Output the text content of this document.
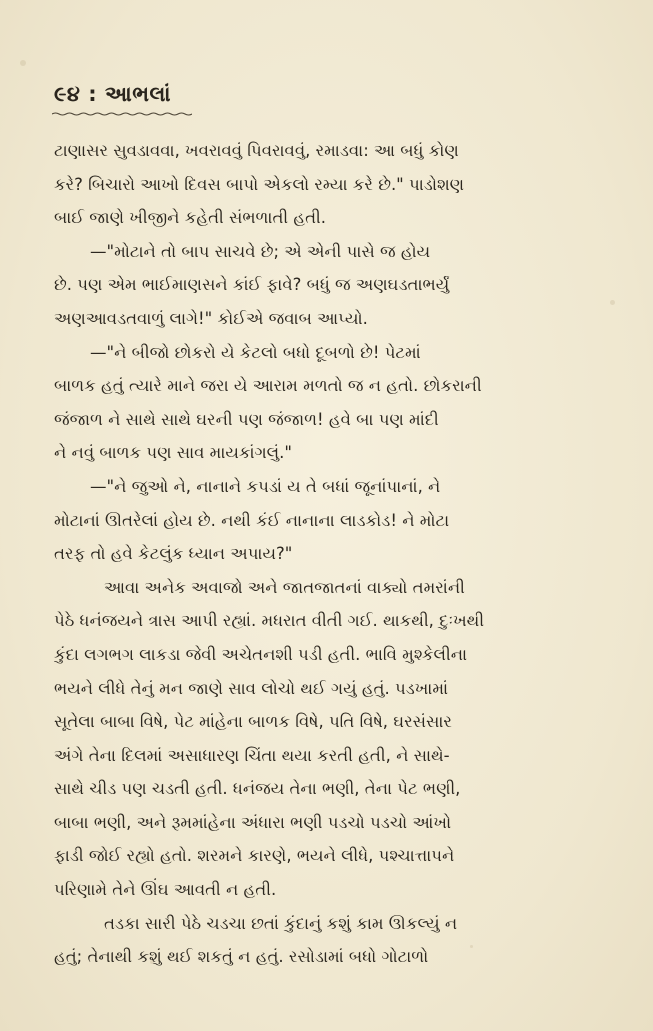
૯૪ : આભલાં
ટાણાસર સુવડાવવા, ખવરાવવું પિવરાવવું, રમાડવા: આ બધું કોણ
કરે? બિચારો આખો દિવસ બાપો એકલો રમ્યા કરે છે." પાડોશણ
બાઈ જાણે ખીજીને કહેતી સંભળાતી હતી.
—"મોટાને તો બાપ સાચવે છે; એ એની પાસે જ હોય
છે. પણ એમ ભાઈમાણસને કાંઈ ફાવે? બધું જ અણઘડતાભર્યું
અણઆવડતવાળું લાગે!" કોઈએ જવાબ આપ્યો.
—"ને બીજો છોકરો યે કેટલો બધો દૂબળો છે! પેટમાં
બાળક હતું ત્યારે માને જરા યે આરામ મળતો જ ન હતો. છોકરાની
જંજાળ ને સાથે સાથે ઘરની પણ જંજાળ! હવે બા પણ માંદી
ને નવું બાળક પણ સાવ માયકાંગલું."
—"ને જુઓ ને, નાનાને કપડાં ય તે બધાં જૂનાંપાનાં, ને
મોટાનાં ઊતરેલાં હોય છે. નથી કંઈ નાનાના લાડકોડ! ને મોટા
તરફ તો હવે કેટલુંક ધ્યાન અપાય?"
આવા અનેક અવાજો અને જાતજાતનાં વાક્યો તમરાંની
પેઠે ધનંજયને ત્રાસ આપી રહ્યાં. મધરાત વીતી ગઈ. થાકથી, દુઃખથી
કુંદા લગભગ લાકડા જેવી અચેતનશી પડી હતી. ભાવિ મુશ્કેલીના
ભયને લીધે તેનું મન જાણે સાવ લોચો થઈ ગયું હતું. પડખામાં
સૂતેલા બાબા વિષે, પેટ માંહેના બાળક વિષે, પતિ વિષે, ઘરસંસાર
અંગે તેના દિલમાં અસાધારણ ચિંતા થયા કરતી હતી, ને સાથે-
સાથે ચીડ પણ ચડતી હતી. ધનંજય તેના ભણી, તેના પેટ ભણી,
બાબા ભણી, અને રૂમમાંહેના અંધારા ભણી પડચો પડચો આંખો
ફાડી જોઈ રહ્યો હતો. શરમને કારણે, ભયને લીધે, પશ્ચાત્તાપને
પરિણામે તેને ઊંઘ આવતી ન હતી.
તડકા સારી પેઠે ચડચા છતાં કુંદાનું કશું કામ ઊકલ્યું ન
હતું; તેનાથી કશું થઈ શકતું ન હતું. રસોડામાં બધો ગોટાળો
